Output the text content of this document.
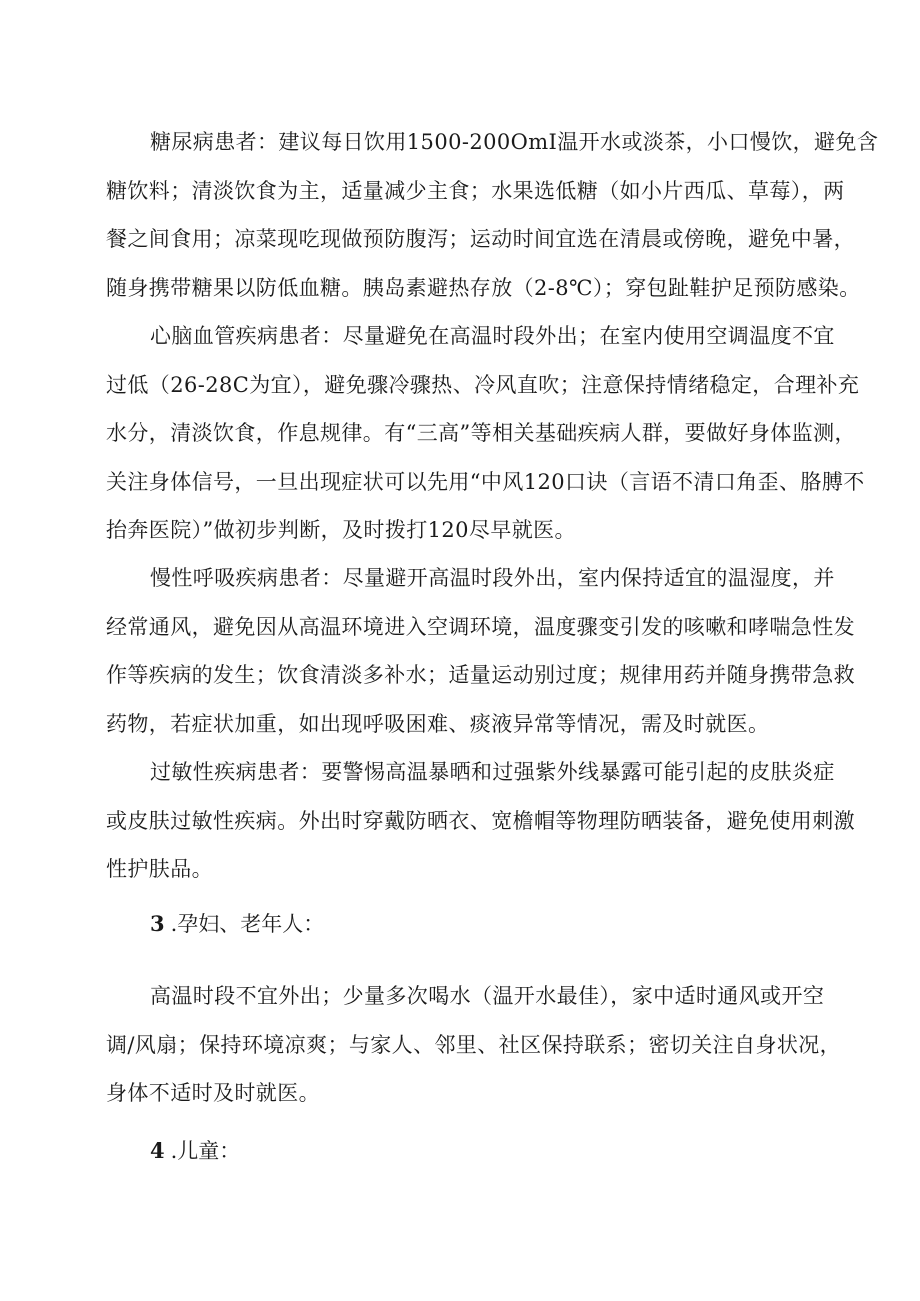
糖尿病患者：建议每日饮用1500-200OmI温开水或淡茶，小口慢饮，避免含
糖饮料；清淡饮食为主，适量减少主食；水果选低糖（如小片西瓜、草莓），两
餐之间食用；凉菜现吃现做预防腹泻；运动时间宜选在清晨或傍晚，避免中暑，
随身携带糖果以防低血糖。胰岛素避热存放（2-8℃）；穿包趾鞋护足预防感染。
心脑血管疾病患者：尽量避免在高温时段外出；在室内使用空调温度不宜
过低（26-28C为宜），避免骤冷骤热、冷风直吹；注意保持情绪稳定，合理补充
水分，清淡饮食，作息规律。有“三高”等相关基础疾病人群，要做好身体监测，
关注身体信号，一旦出现症状可以先用“中风120口诀（言语不清口角歪、胳膊不
抬奔医院）”做初步判断，及时拨打120尽早就医。
慢性呼吸疾病患者：尽量避开高温时段外出，室内保持适宜的温湿度，并
经常通风，避免因从高温环境进入空调环境，温度骤变引发的咳嗽和哮喘急性发
作等疾病的发生；饮食清淡多补水；适量运动别过度；规律用药并随身携带急救
药物，若症状加重，如出现呼吸困难、痰液异常等情况，需及时就医。
过敏性疾病患者：要警惕高温暴晒和过强紫外线暴露可能引起的皮肤炎症
或皮肤过敏性疾病。外出时穿戴防晒衣、宽檐帽等物理防晒装备，避免使用刺激
性护肤品。
3 .孕妇、老年人：
高温时段不宜外出；少量多次喝水（温开水最佳），家中适时通风或开空
调/风扇；保持环境凉爽；与家人、邻里、社区保持联系；密切关注自身状况，
身体不适时及时就医。
4 .儿童：
